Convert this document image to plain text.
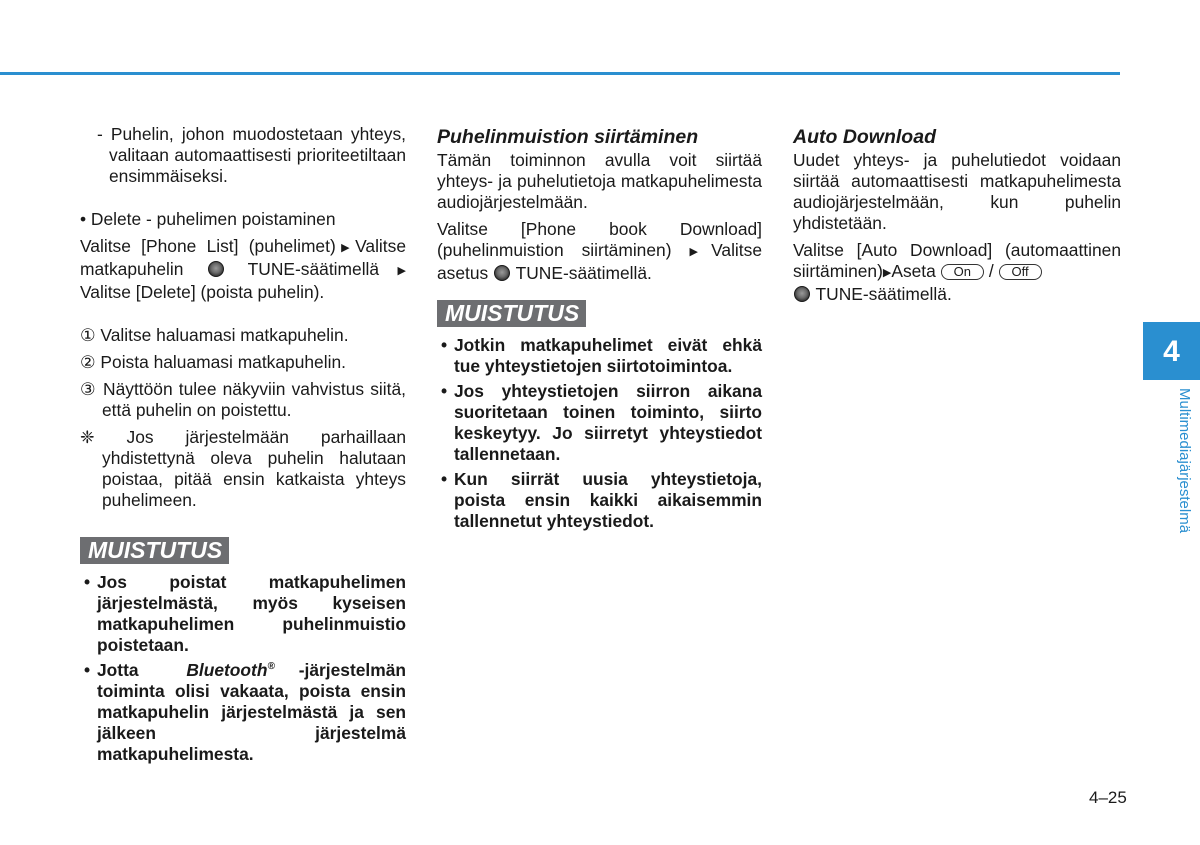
- Puhelin, johon muodostetaan yhteys, valitaan automaattisesti prioriteetiltaan ensimmäiseksi.

• Delete - puhelimen poistaminen

Valitse [Phone List] (puhelimet)▶Valitse matkapuhelin	TUNE-säätimellä▶ Valitse [Delete] (poista puhelin).

① Valitse haluamasi matkapuhelin.

② Poista haluamasi matkapuhelin.

③ Näyttöön tulee näkyviin vahvistus siitä, että puhelin on poistettu.

❈ Jos järjestelmään parhaillaan yhdistettynä oleva puhelin halutaan poistaa, pitää ensin katkaista yhteys puhelimeen.

MUISTUTUS
• Jos poistat matkapuhelimen järjestelmästä, myös kyseisen matkapuhelimen puhelinmuistio poistetaan.
• Jotta	Bluetooth® -järjestelmän toiminta olisi vakaata, poista ensin matkapuhelin järjestelmästä ja sen jälkeen järjestelmä matkapuhelimesta.

Puhelinmuistion siirtäminen

Tämän toiminnon avulla voit siirtää yhteys- ja puhelutietoja matkapuhelimesta audiojärjestelmään.

Valitse [Phone book Download] (puhelinmuistion siirtäminen) ▶Valitse asetus TUNE-säätimellä.

MUISTUTUS
• Jotkin matkapuhelimet eivät ehkä tue yhteystietojen siirtotoimintoa.
• Jos yhteystietojen siirron aikana suoritetaan toinen toiminto, siirto keskeytyy. Jo siirretyt yhteystiedot tallennetaan.
• Kun siirrät uusia yhteystietoja, poista ensin kaikki aikaisemmin tallennetut yhteystiedot.

Auto Download

Uudet yhteys- ja puhelutiedot voidaan siirtää automaattisesti matkapuhelimesta audiojärjestelmään, kun puhelin yhdistetään.

Valitse [Auto Download] (automaattinen siirtäminen)▶Aseta On / Off
TUNE-säätimellä.

4
Multimediajärjestelmä
4–25
